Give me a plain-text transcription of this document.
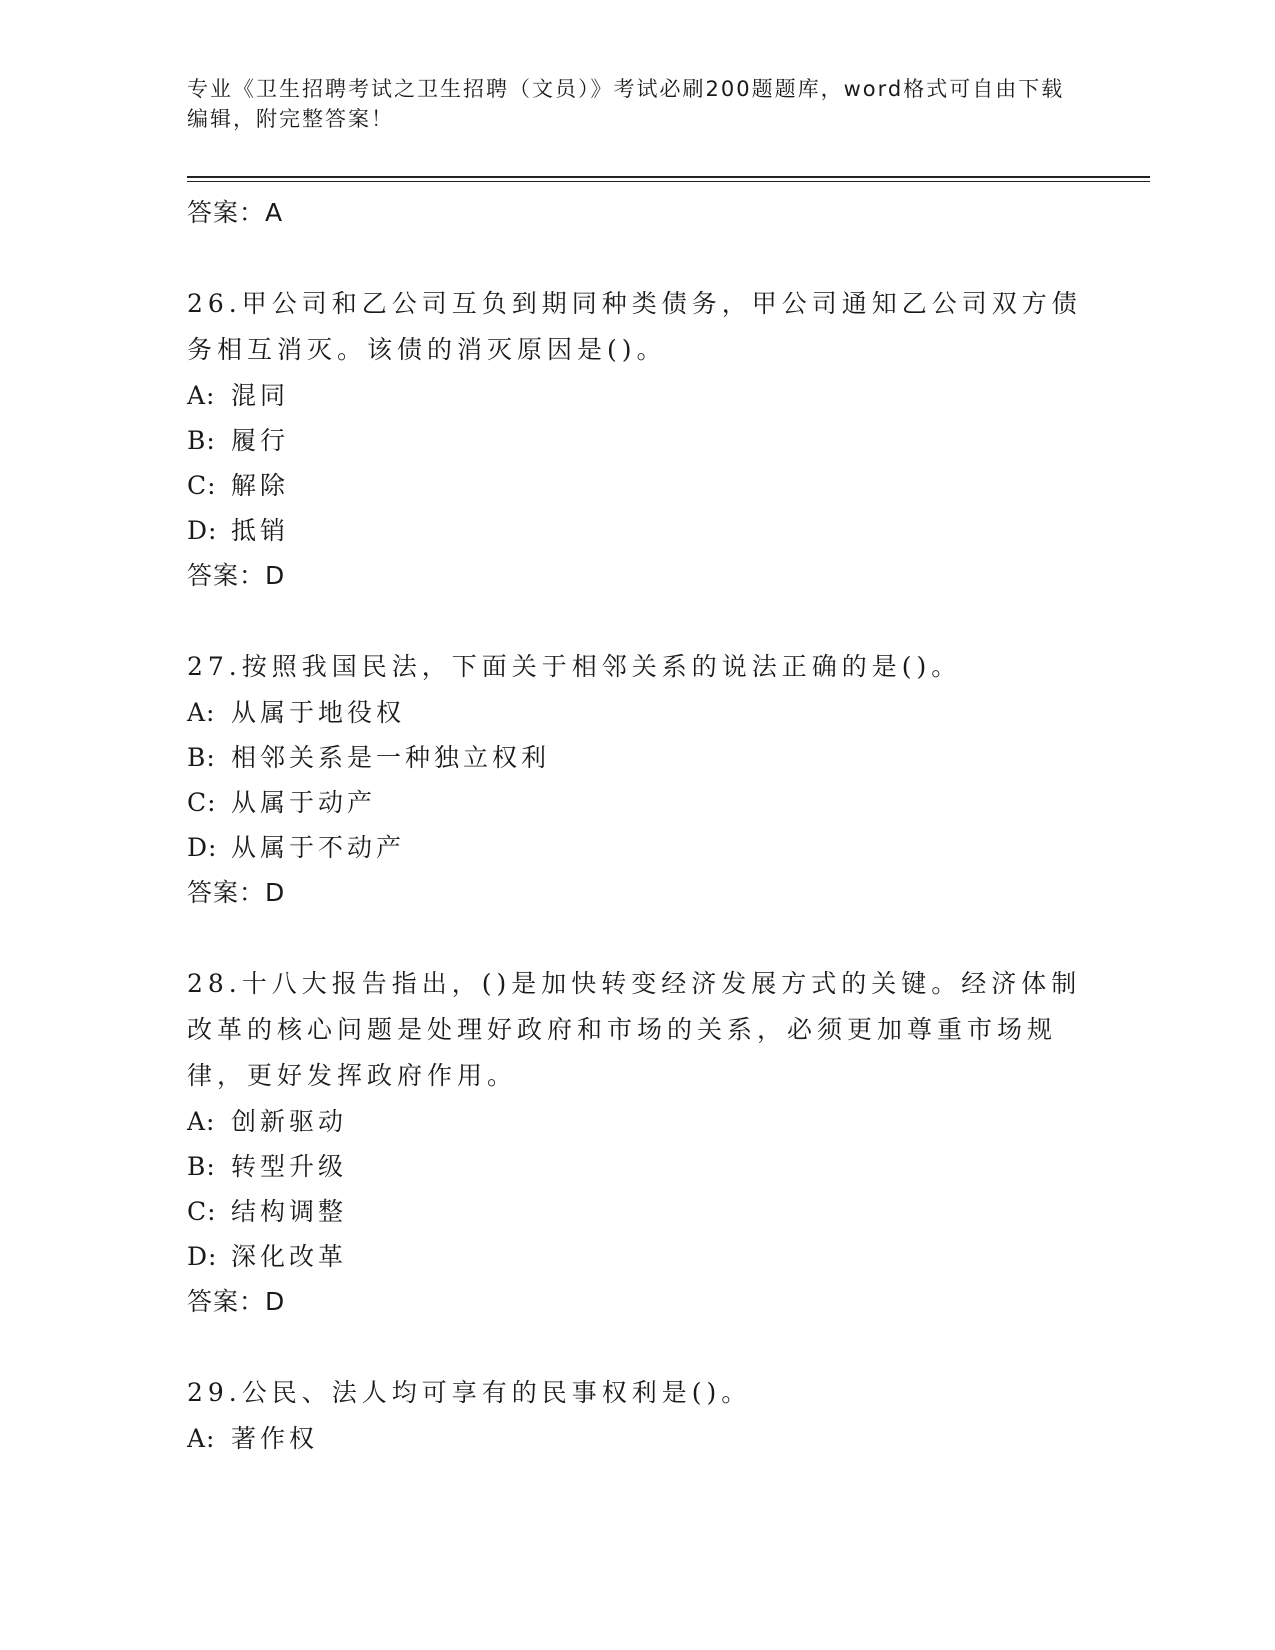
专业《卫生招聘考试之卫生招聘（文员）》考试必刷200题题库，word格式可自由下载编辑，附完整答案！
答案：A
26.甲公司和乙公司互负到期同种类债务，甲公司通知乙公司双方债务相互消灭。该债的消灭原因是()。
A: 混同
B: 履行
C: 解除
D: 抵销
答案：D
27.按照我国民法，下面关于相邻关系的说法正确的是()。
A: 从属于地役权
B: 相邻关系是一种独立权利
C: 从属于动产
D: 从属于不动产
答案：D
28.十八大报告指出，()是加快转变经济发展方式的关键。经济体制改革的核心问题是处理好政府和市场的关系，必须更加尊重市场规律，更好发挥政府作用。
A: 创新驱动
B: 转型升级
C: 结构调整
D: 深化改革
答案：D
29.公民、法人均可享有的民事权利是()。
A: 著作权
